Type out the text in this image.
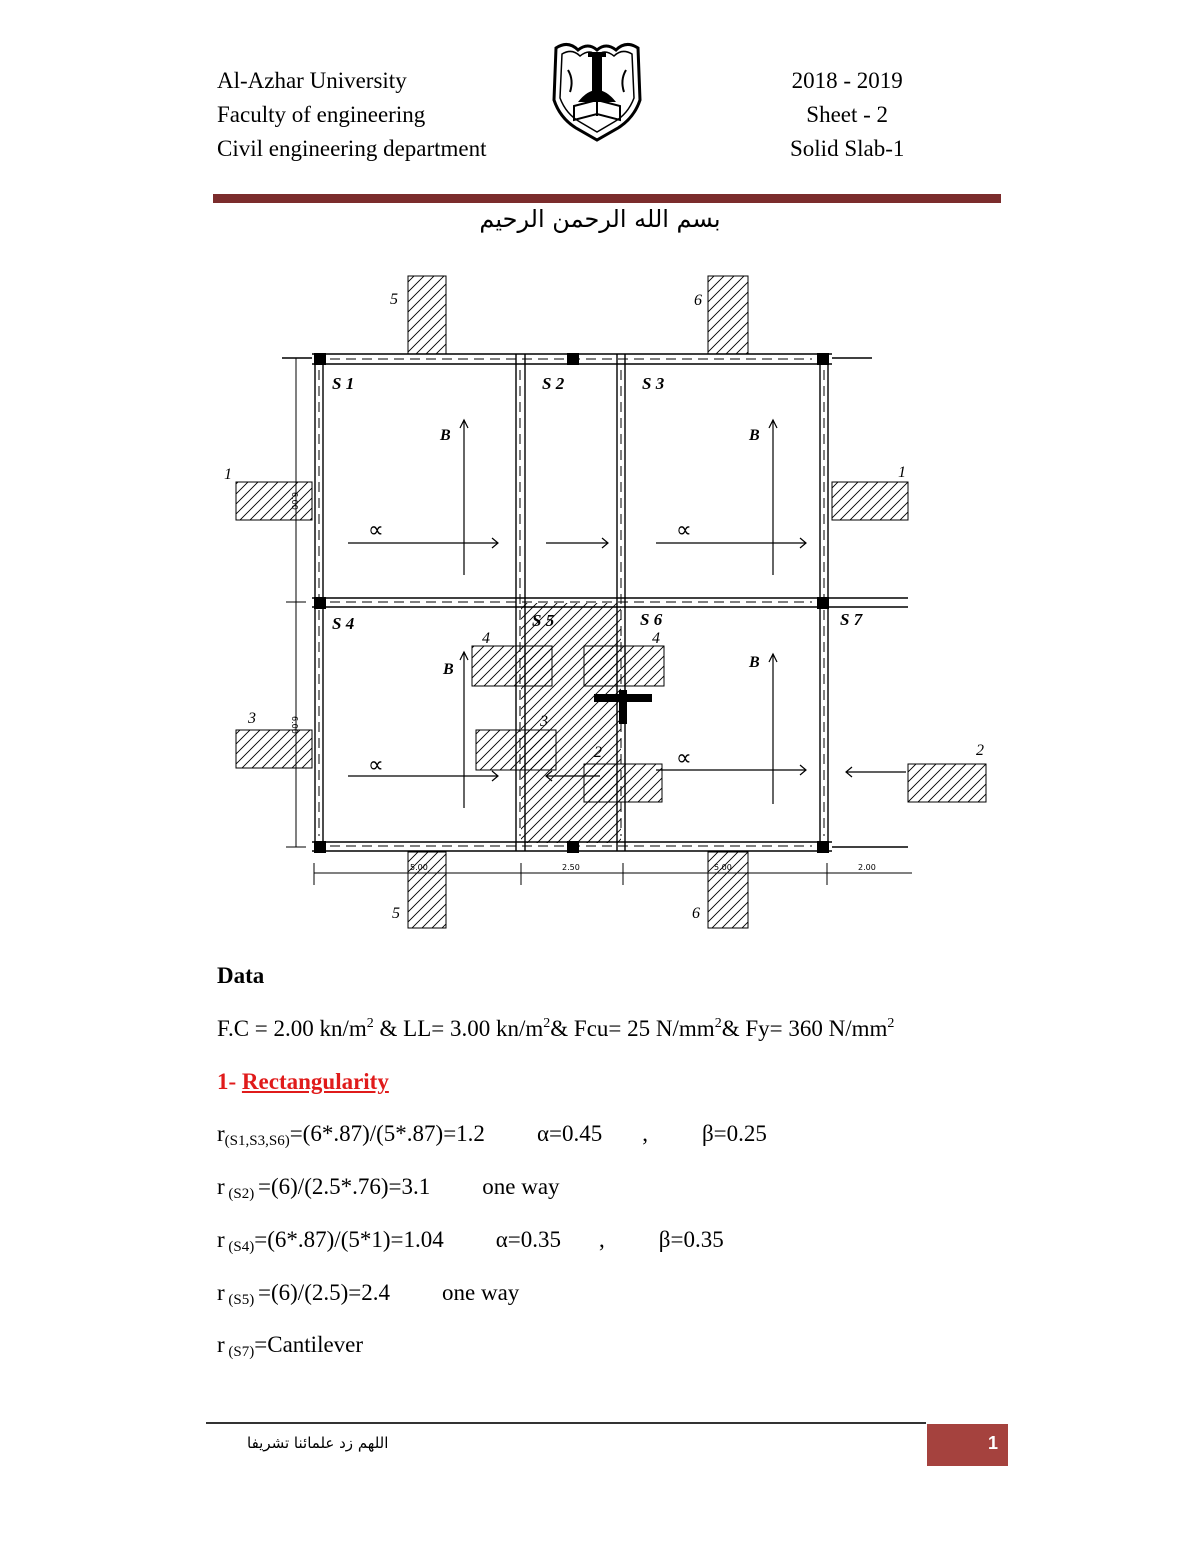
Al-Azhar University
Faculty of engineering
Civil engineering department
2018 - 2019
Sheet - 2
Solid Slab-1
بسم الله الرحمن الرحيم
S 1	S 2	S 3
S 4	S 5	S 6	S 7
B	B
B	B
∝	∝
∝	∝
1	1
2
2
3	3
4	4
5
5
6
6
5.00	2.50	5.00	2.00
6.00
6.00
Data
F.C = 2.00 $kn/m^2$ & LL= 3.00 $kn/m^2\&$ Fcu= 25 $N/mm^2\&$ Fy= 360 $N/mm^2$
1- Rectangularity
$r_{(S1,S3,S6)}=(6*.87)/(5*.87)=1.2$ α=0.45 , β=0.25
r $_{(S2)}$ =(6)/(2.5*.76)=3.1 one way
r $_{(S4)}$=(6*.87)/(5*1)=1.04 α=0.35 , β=0.35
r $_{(S5)}$ =(6)/(2.5)=2.4 one way
r $_{(S7)}$=Cantilever
اللهم زد علمائنا تشريفا	1
